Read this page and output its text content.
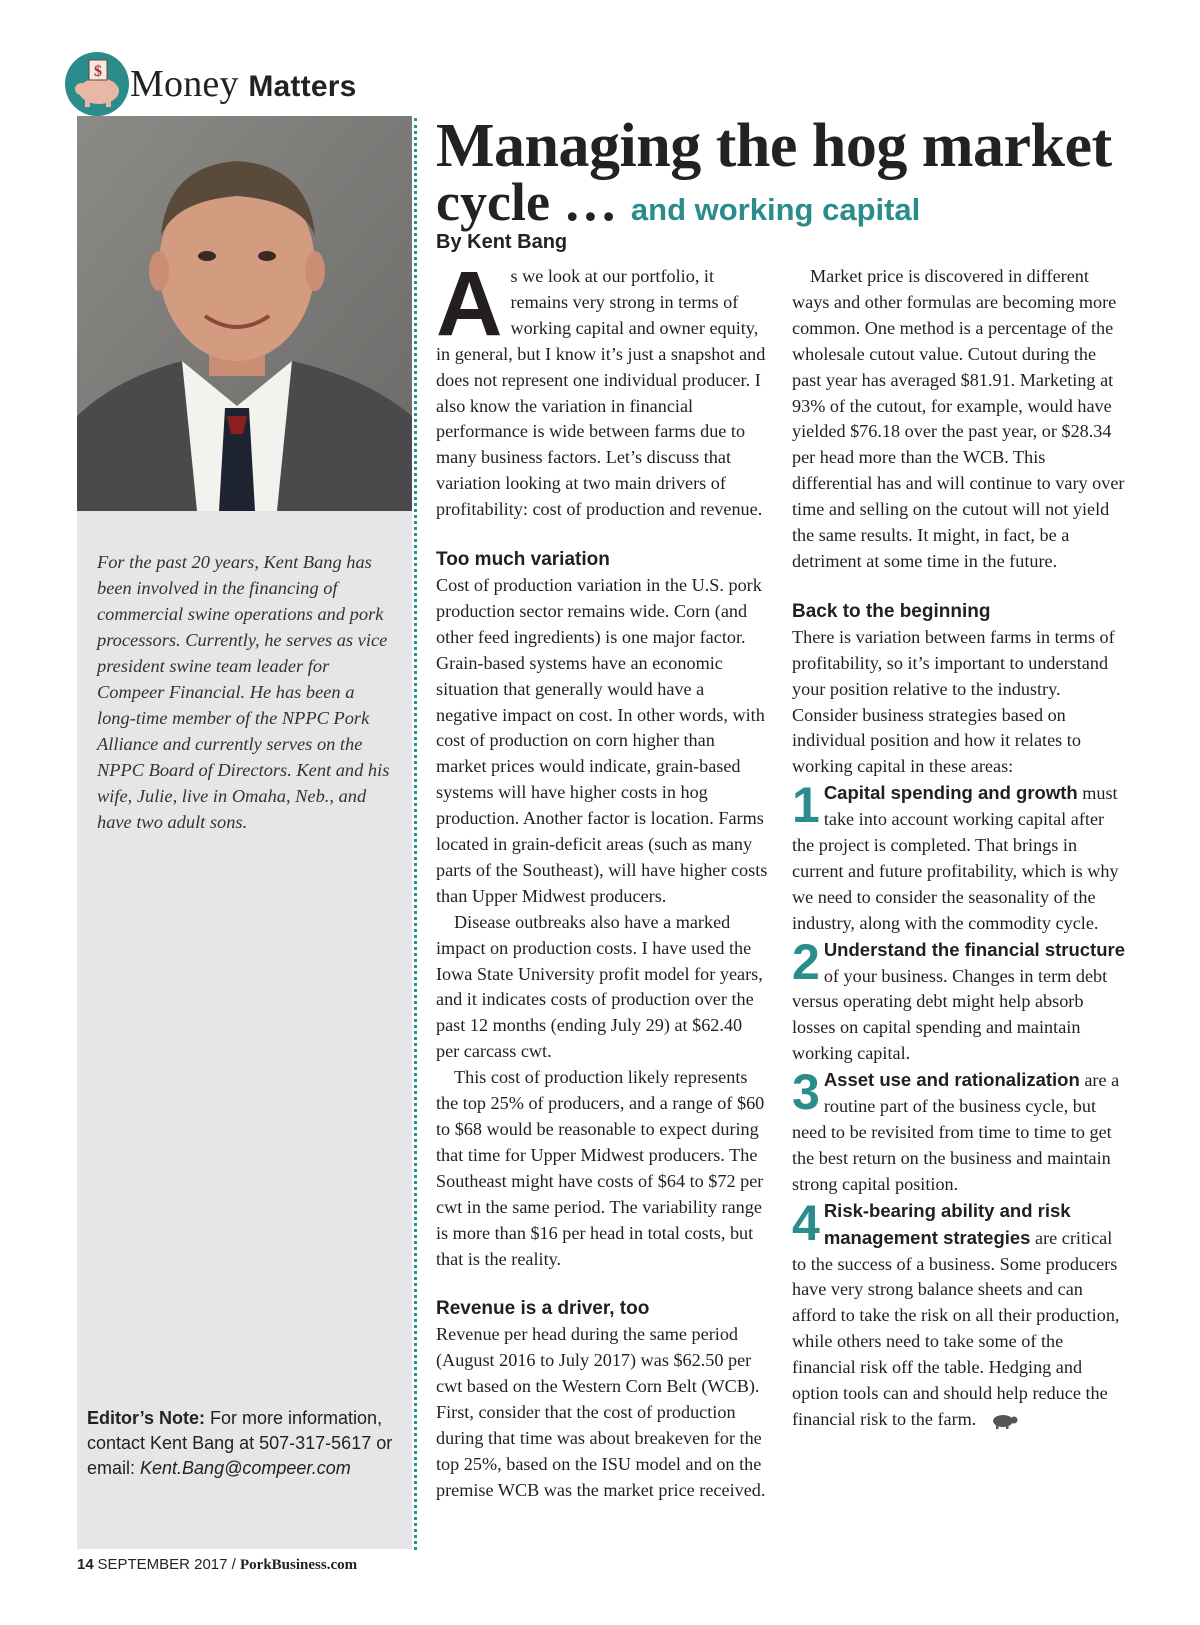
$ Money Matters

For the past 20 years, Kent Bang has been involved in the financing of commercial swine operations and pork processors. Currently, he serves as vice president swine team leader for Compeer Financial. He has been a long-time member of the NPPC Pork Alliance and currently serves on the NPPC Board of Directors. Kent and his wife, Julie, live in Omaha, Neb., and have two adult sons.

Editor’s Note: For more information, contact Kent Bang at 507-317-5617 or email: Kent.Bang@compeer.com

Managing the hog market
cycle … and working capital

By Kent Bang

As we look at our portfolio, it remains very strong in terms of working capital and owner equity, in general, but I know it’s just a snapshot and does not represent one individual producer. I also know the variation in financial performance is wide between farms due to many business factors. Let’s discuss that variation looking at two main drivers of profitability: cost of production and revenue.

Too much variation

Cost of production variation in the U.S. pork production sector remains wide. Corn (and other feed ingredients) is one major factor. Grain-based systems have an economic situation that generally would have a negative impact on cost. In other words, with cost of production on corn higher than market prices would indicate, grain-based systems will have higher costs in hog production. Another factor is location. Farms located in grain-deficit areas (such as many parts of the Southeast), will have higher costs than Upper Midwest producers.

Disease outbreaks also have a marked impact on production costs. I have used the Iowa State University profit model for years, and it indicates costs of production over the past 12 months (ending July 29) at $62.40 per carcass cwt.

This cost of production likely represents the top 25% of producers, and a range of $60 to $68 would be reasonable to expect during that time for Upper Midwest producers. The Southeast might have costs of $64 to $72 per cwt in the same period. The variability range is more than $16 per head in total costs, but that is the reality.

Revenue is a driver, too

Revenue per head during the same period (August 2016 to July 2017) was $62.50 per cwt based on the Western Corn Belt (WCB). First, consider that the cost of production during that time was about breakeven for the top 25%, based on the ISU model and on the premise WCB was the market price received.

Market price is discovered in different ways and other formulas are becoming more common. One method is a percentage of the wholesale cutout value. Cutout during the past year has averaged $81.91. Marketing at 93% of the cutout, for example, would have yielded $76.18 over the past year, or $28.34 per head more than the WCB. This differential has and will continue to vary over time and selling on the cutout will not yield the same results. It might, in fact, be a detriment at some time in the future.

Back to the beginning

There is variation between farms in terms of profitability, so it’s important to understand your position relative to the industry. Consider business strategies based on individual position and how it relates to working capital in these areas:

1 Capital spending and growth must take into account working capital after the project is completed. That brings in current and future profitability, which is why we need to consider the seasonality of the industry, along with the commodity cycle.

2 Understand the financial structure of your business. Changes in term debt versus operating debt might help absorb losses on capital spending and maintain working capital.

3 Asset use and rationalization are a routine part of the business cycle, but need to be revisited from time to time to get the best return on the business and maintain strong capital position.

4 Risk-bearing ability and risk management strategies are critical to the success of a business. Some producers have very strong balance sheets and can afford to take the risk on all their production, while others need to take some of the financial risk off the table. Hedging and option tools can and should help reduce the financial risk to the farm.

14 SEPTEMBER 2017 / PorkBusiness.com
